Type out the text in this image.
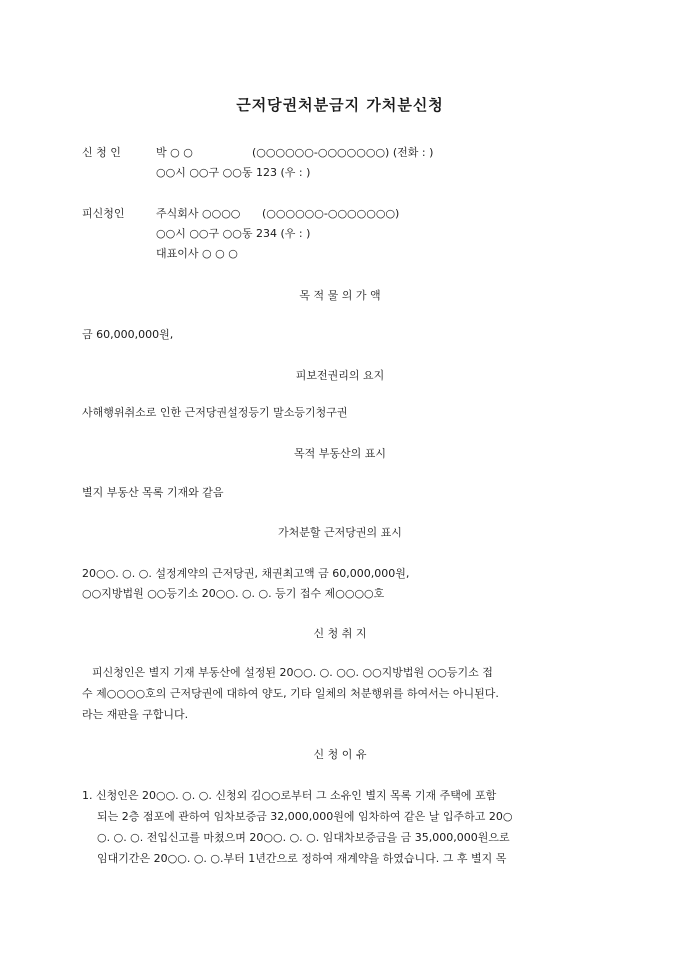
근저당권처분금지 가처분신청
신 청 인	박 ○ ○	(○○○○○○-○○○○○○○) (전화 : )
○○시 ○○구 ○○동 123 (우 : )
피신청인	주식회사 ○○○○ (○○○○○○-○○○○○○○)
○○시 ○○구 ○○동 234 (우 : )
대표이사 ○ ○ ○
목 적 물 의 가 액
금 60,000,000원,
피보전권리의 요지
사해행위취소로 인한 근저당권설정등기 말소등기청구권
목적 부동산의 표시
별지 부동산 목록 기재와 같음
가처분할 근저당권의 표시
20○○. ○. ○. 설정계약의 근저당권, 채권최고액 금 60,000,000원,
○○지방법원 ○○등기소 20○○. ○. ○. 등기 접수 제○○○○호
신 청 취 지
피신청인은 별지 기재 부동산에 설정된 20○○. ○. ○○. ○○지방법원 ○○등기소 접
수 제○○○○호의 근저당권에 대하여 양도, 기타 일체의 처분행위를 하여서는 아니된다.
라는 재판을 구합니다.
신 청 이 유
1. 신청인은 20○○. ○. ○. 신청외 김○○로부터 그 소유인 별지 목록 기재 주택에 포함
되는 2층 점포에 관하여 임차보증금 32,000,000원에 임차하여 같은 날 입주하고 20○
○. ○. ○. 전입신고를 마쳤으며 20○○. ○. ○. 임대차보증금을 금 35,000,000원으로
임대기간은 20○○. ○. ○.부터 1년간으로 정하여 재계약을 하였습니다. 그 후 별지 목
